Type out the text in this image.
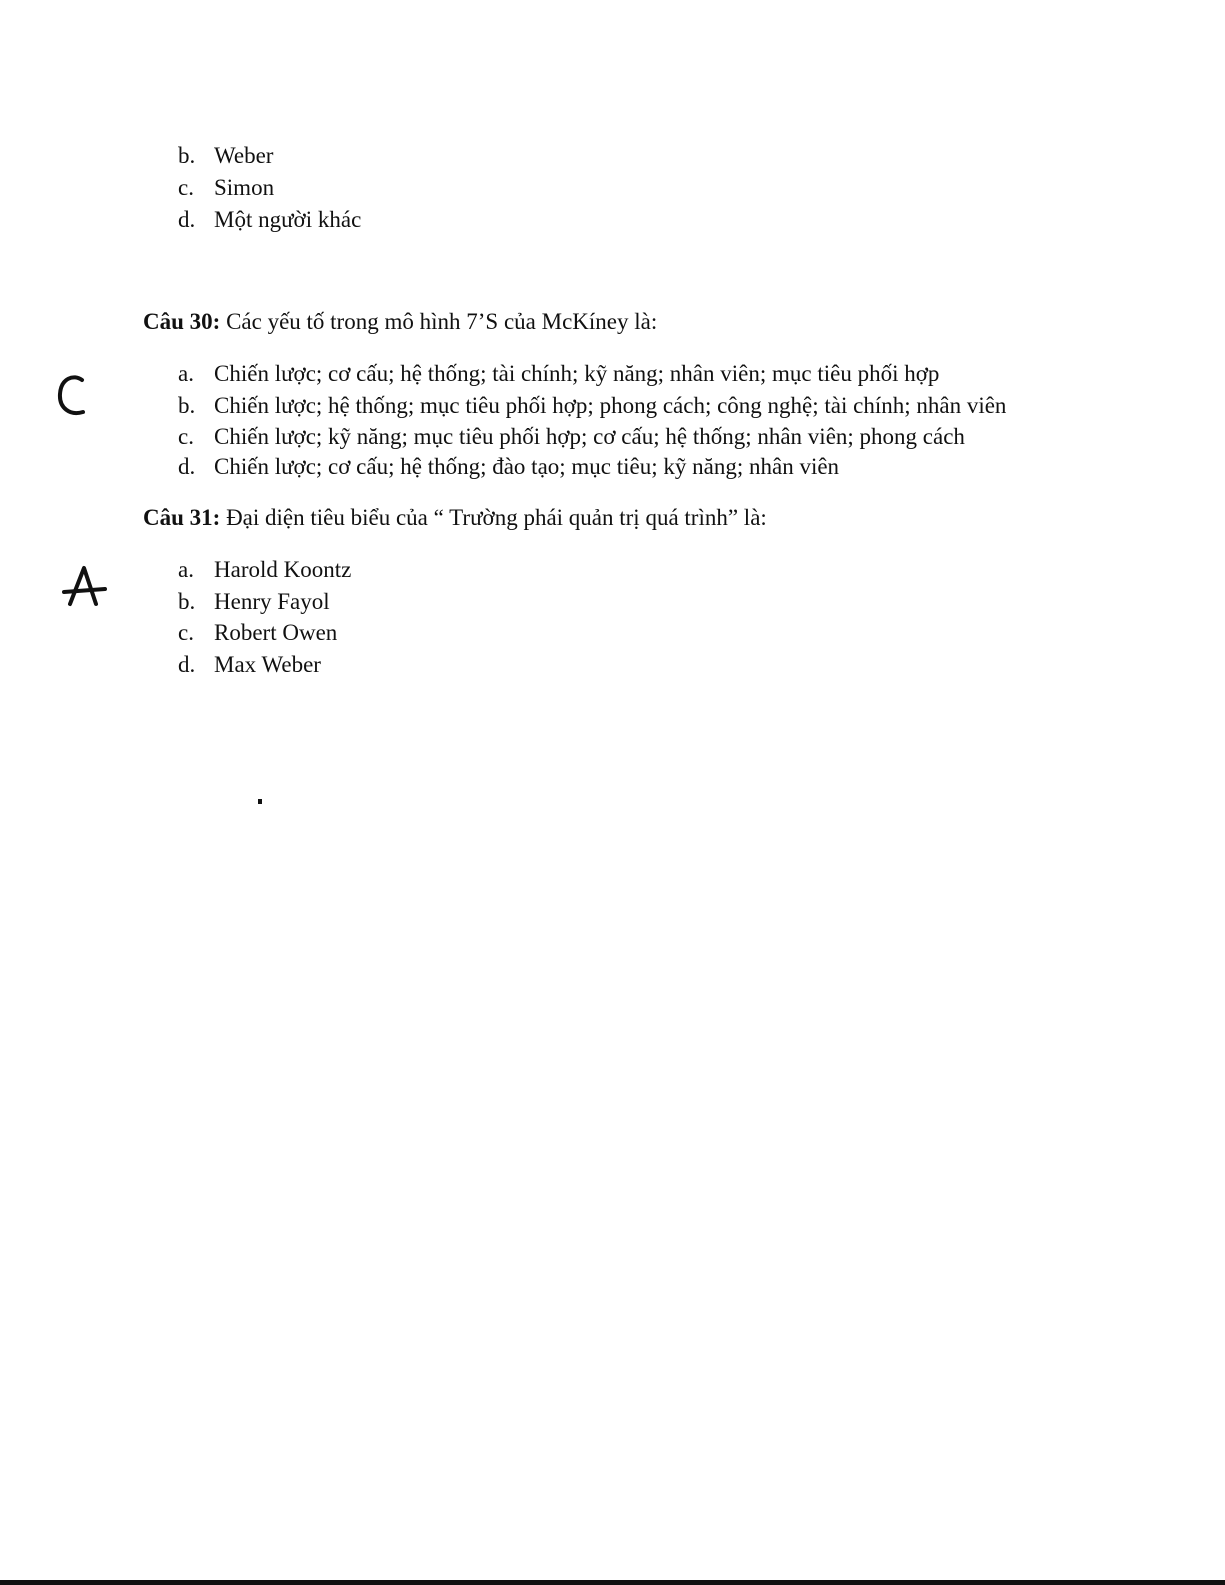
b. Weber
c. Simon
d. Một người khác
Câu 30: Các yếu tố trong mô hình 7’S của McKíney là:
a. Chiến lược; cơ cấu; hệ thống; tài chính; kỹ năng; nhân viên; mục tiêu phối hợp
b. Chiến lược; hệ thống; mục tiêu phối hợp; phong cách; công nghệ; tài chính; nhân viên
c. Chiến lược; kỹ năng; mục tiêu phối hợp; cơ cấu; hệ thống; nhân viên; phong cách
d. Chiến lược; cơ cấu; hệ thống; đào tạo; mục tiêu; kỹ năng; nhân viên
Câu 31: Đại diện tiêu biểu của “ Trường phái quản trị quá trình” là:
a. Harold Koontz
b. Henry Fayol
c. Robert Owen
d. Max Weber
